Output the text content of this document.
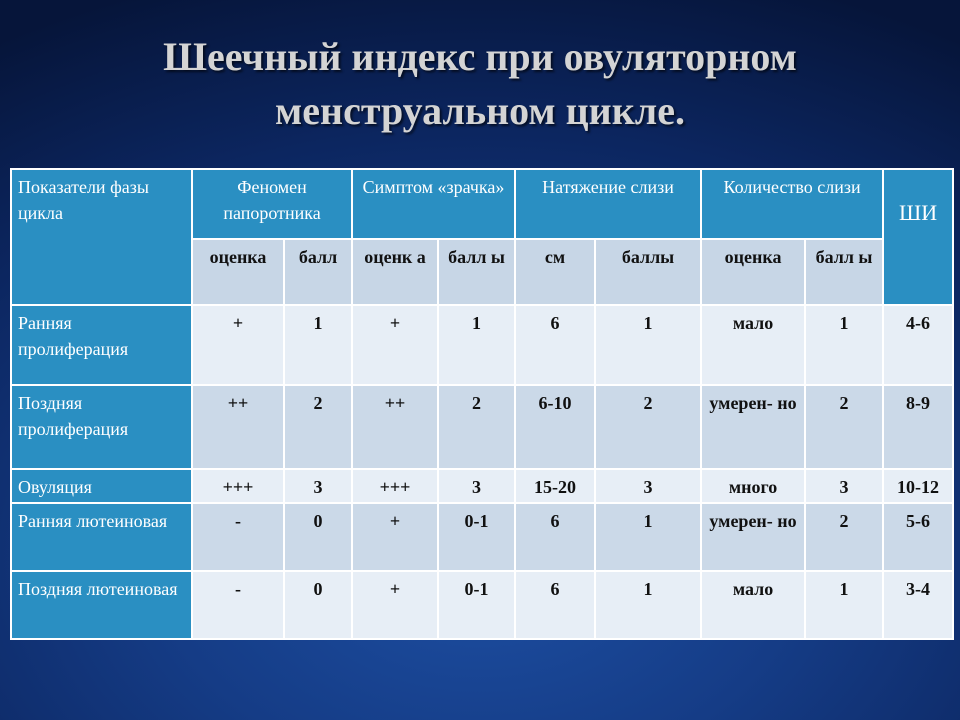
Шеечный индекс при овуляторном
менструальном цикле.
Показатели фазы цикла	Феномен папоротника		Симптом «зрачка»		Натяжение слизи		Количество слизи		ШИ
	оценка	балл	оценк а	балл ы	см	баллы	оценка	балл ы	
Ранняя пролиферация	+	1	+	1	6	1	мало	1	4-6
Поздняя пролиферация	++	2	++	2	6-10	2	умерен- но	2	8-9
Овуляция	+++	3	+++	3	15-20	3	много	3	10-12
Ранняя лютеиновая	-	0	+	0-1	6	1	умерен- но	2	5-6
Поздняя лютеиновая	-	0	+	0-1	6	1	мало	1	3-4
